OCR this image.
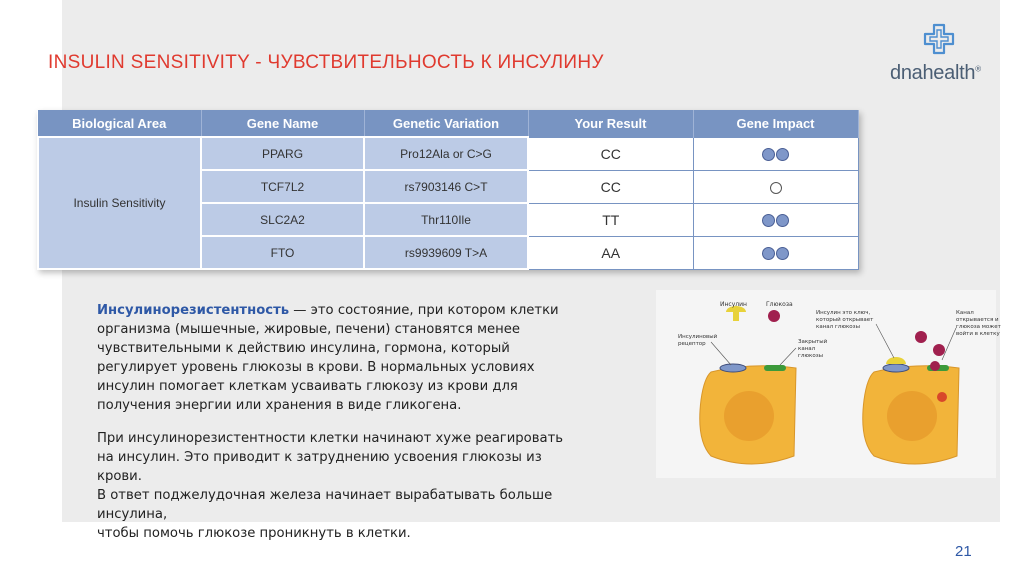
INSULIN SENSITIVITY - ЧУВСТВИТЕЛЬНОСТЬ К ИНСУЛИНУ	dnahealth®
Biological Area	Gene Name	Genetic Variation	Your Result	Gene Impact
Insulin Sensitivity	PPARG	Pro12Ala or C>G	CC	

	TCF7L2	rs7903146 C>T	CC	

	SLC2A2	Thr110Ile	TT	

	FTO	rs9939609 T>A	AA	
Инсулинорезистентность — это состояние, при котором клетки
организма (мышечные, жировые, печени) становятся менее
чувствительными к действию инсулина, гормона, который
регулирует уровень глюкозы в крови. В нормальных условиях
инсулин помогает клеткам усваивать глюкозу из крови для
получения энергии или хранения в виде гликогена.
При инсулинорезистентности клетки начинают хуже реагировать
на инсулин. Это приводит к затруднению усвоения глюкозы из
крови.
В ответ поджелудочная железа начинает вырабатывать больше
инсулина,
чтобы помочь глюкозе проникнуть в клетки.
Инсулин	Глюкоза
Инсулиновый
рецептор	Закрытый
канал
глюкозы
Инсулин это ключ,
который открывает
канал глюкозы
Канал
открывается и
глюкоза может
войти в клетку
21
